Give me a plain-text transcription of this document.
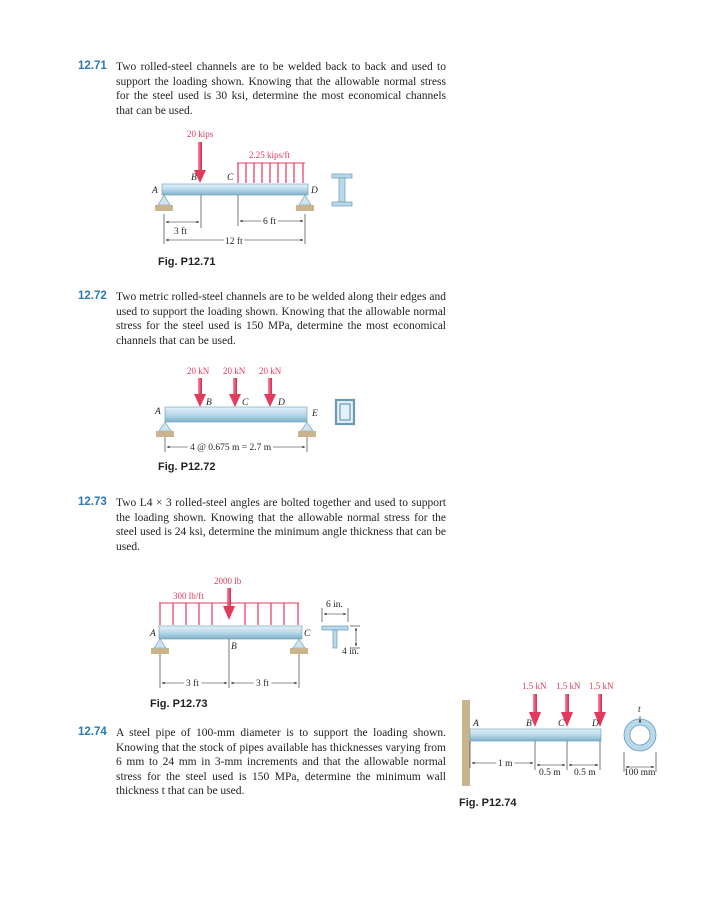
12.71 Two rolled-steel channels are to be welded back to back and used to support the loading shown. Knowing that the allowable normal stress for the steel used is 30 ksi, determine the most economical channels that can be used.
20 kips
2.25 kips/ft
A
B	C
D
3 ft
6 ft
12 ft
Fig. P12.71
12.72 Two metric rolled-steel channels are to be welded along their edges and used to support the loading shown. Knowing that the allowable normal stress for the steel used is 150 MPa, determine the most economical channels that can be used.
20 kN 20 kN 20 kN
A
B	C	D
E
4 @ 0.675 m = 2.7 m
Fig. P12.72
12.73 Two L4 × 3 rolled-steel angles are bolted together and used to support the loading shown. Knowing that the allowable normal stress for the steel used is 24 ksi, determine the minimum angle thickness that can be used.
2000 lb
300 lb/ft
A
B
C
6 in.
4 in.
3 ft	3 ft
Fig. P12.73
12.74 A steel pipe of 100-mm diameter is to support the loading shown. Knowing that the stock of pipes available has thicknesses varying from 6 mm to 24 mm in 3-mm increments and that the allowable normal stress for the steel used is 150 MPa, determine the minimum wall thickness t that can be used.
1.5 kN 1.5 kN 1.5 kN
A	B	C	D
t
1 m
0.5 m 0.5 m	100 mm
Fig. P12.74
